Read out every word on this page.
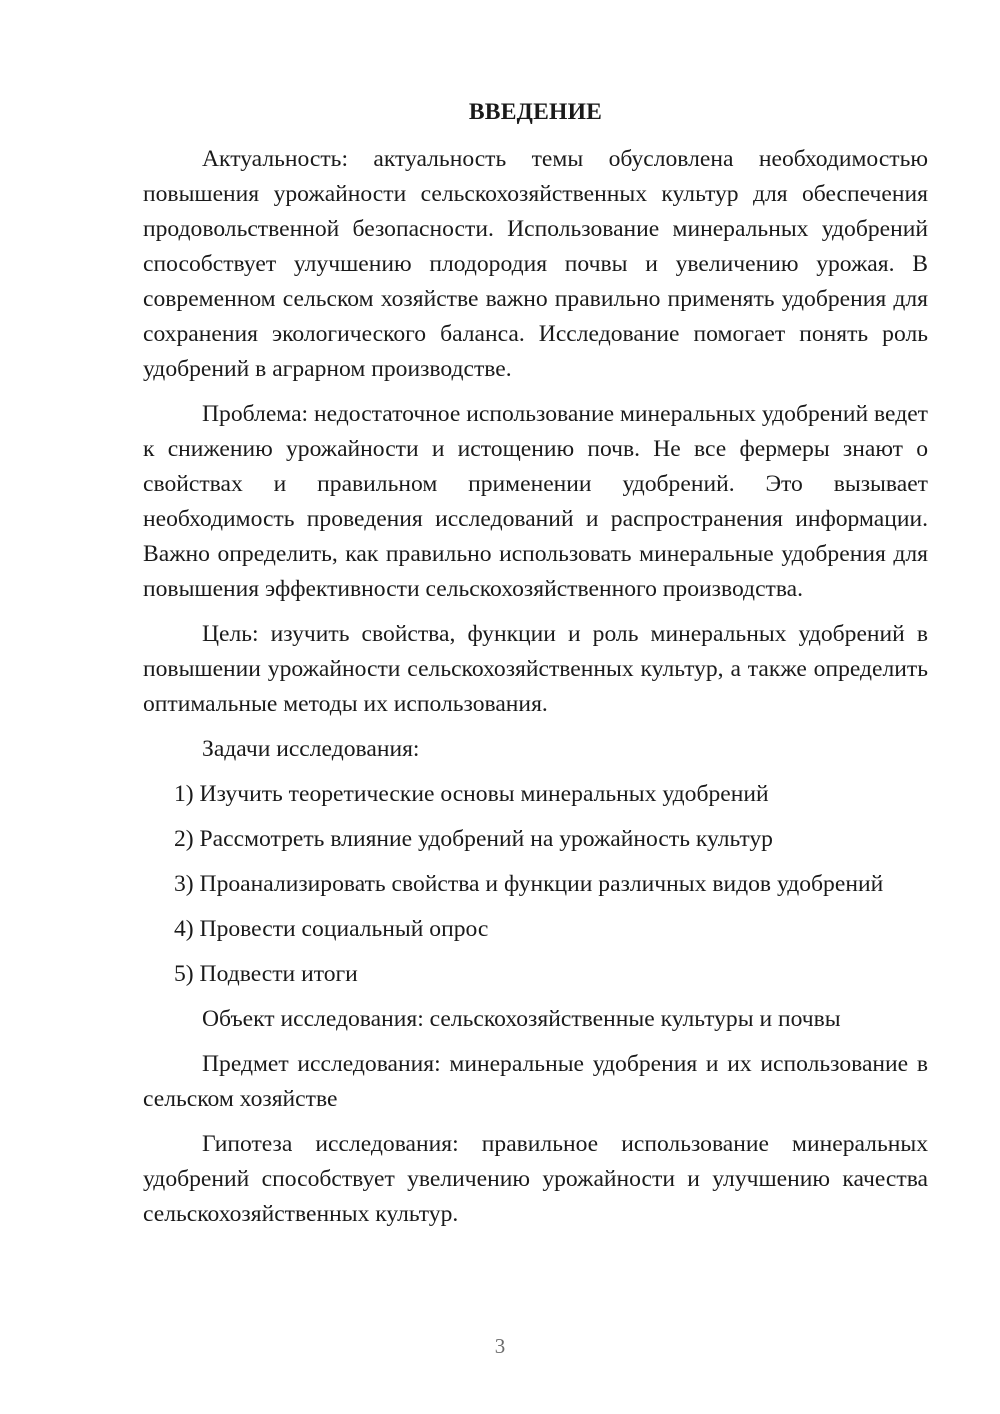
ВВЕДЕНИЕ

Актуальность: актуальность темы обусловлена необходимостью повышения урожайности сельскохозяйственных культур для обеспечения продовольственной безопасности. Использование минеральных удобрений способствует улучшению плодородия почвы и увеличению урожая. В современном сельском хозяйстве важно правильно применять удобрения для сохранения экологического баланса. Исследование помогает понять роль удобрений в аграрном производстве.

Проблема: недостаточное использование минеральных удобрений ведет к снижению урожайности и истощению почв. Не все фермеры знают о свойствах и правильном применении удобрений. Это вызывает необходимость проведения исследований и распространения информации. Важно определить, как правильно использовать минеральные удобрения для повышения эффективности сельскохозяйственного производства.

Цель: изучить свойства, функции и роль минеральных удобрений в повышении урожайности сельскохозяйственных культур, а также определить оптимальные методы их использования.

Задачи исследования:

1) Изучить теоретические основы минеральных удобрений
2) Рассмотреть влияние удобрений на урожайность культур
3) Проанализировать свойства и функции различных видов удобрений
4) Провести социальный опрос
5) Подвести итоги

Объект исследования: сельскохозяйственные культуры и почвы

Предмет исследования: минеральные удобрения и их использование в сельском хозяйстве

Гипотеза исследования: правильное использование минеральных удобрений способствует увеличению урожайности и улучшению качества сельскохозяйственных культур.

3
